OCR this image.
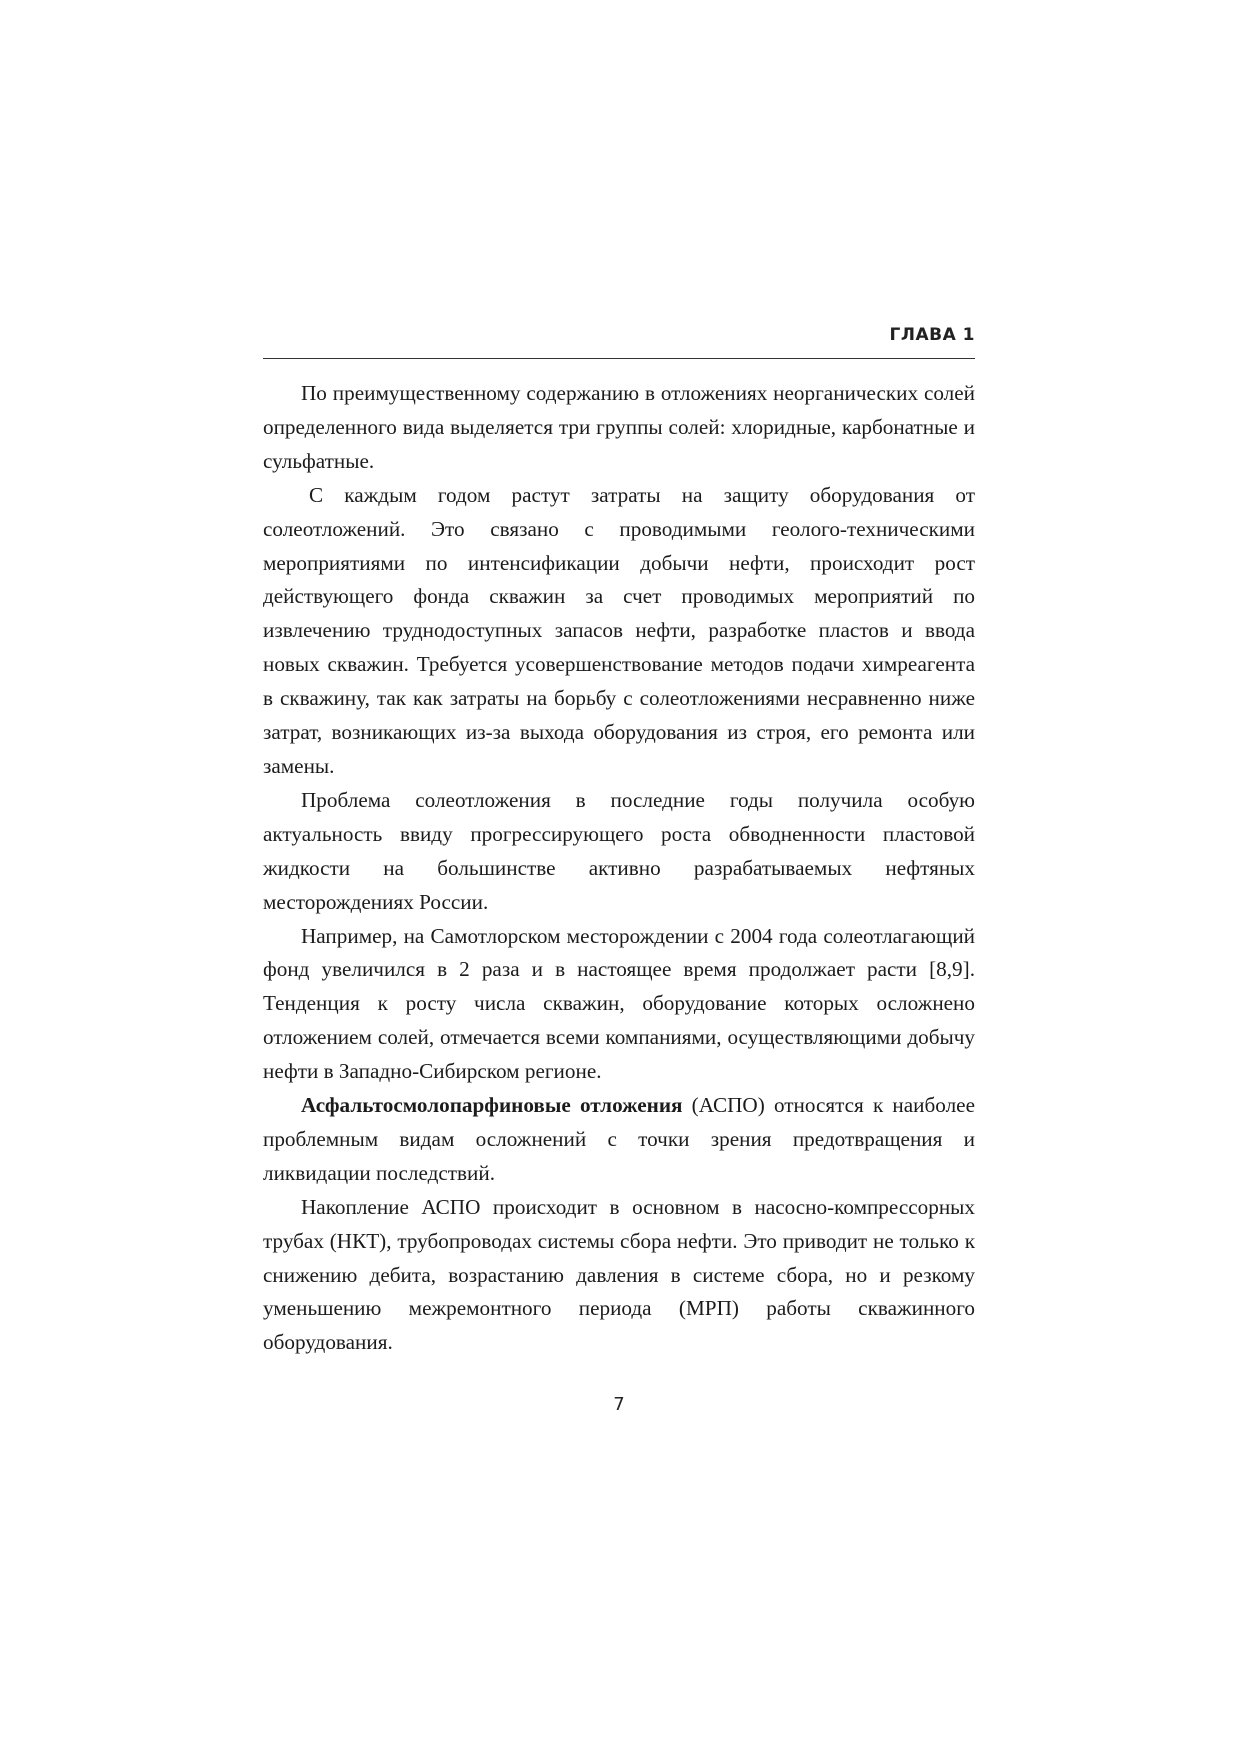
ГЛАВА 1

По преимущественному содержанию в отложениях неорганических солей определенного вида выделяется три группы солей: хлоридные, карбонатные и сульфатные.

С каждым годом растут затраты на защиту оборудования от солеотложений. Это связано с проводимыми геолого-техническими мероприятиями по интенсификации добычи нефти, происходит рост действующего фонда скважин за счет проводимых мероприятий по извлечению труднодоступных запасов нефти, разработке пластов и ввода новых скважин. Требуется усовершенствование методов подачи химреагента в скважину, так как затраты на борьбу с солеотложениями несравненно ниже затрат, возникающих из-за выхода оборудования из строя, его ремонта или замены.

Проблема солеотложения в последние годы получила особую актуальность ввиду прогрессирующего роста обводненности пластовой жидкости на большинстве активно разрабатываемых нефтяных месторождениях России.

Например, на Самотлорском месторождении с 2004 года солеотлагающий фонд увеличился в 2 раза и в настоящее время продолжает расти [8,9]. Тенденция к росту числа скважин, оборудование которых осложнено отложением солей, отмечается всеми компаниями, осуществляющими добычу нефти в Западно-Сибирском регионе.

Асфальтосмолопарфиновые отложения (АСПО) относятся к наиболее проблемным видам осложнений с точки зрения предотвращения и ликвидации последствий.

Накопление АСПО происходит в основном в насосно-компрессорных трубах (НКТ), трубопроводах системы сбора нефти. Это приводит не только к снижению дебита, возрастанию давления в системе сбора, но и резкому уменьшению межремонтного периода (МРП) работы скважинного оборудования.

7
